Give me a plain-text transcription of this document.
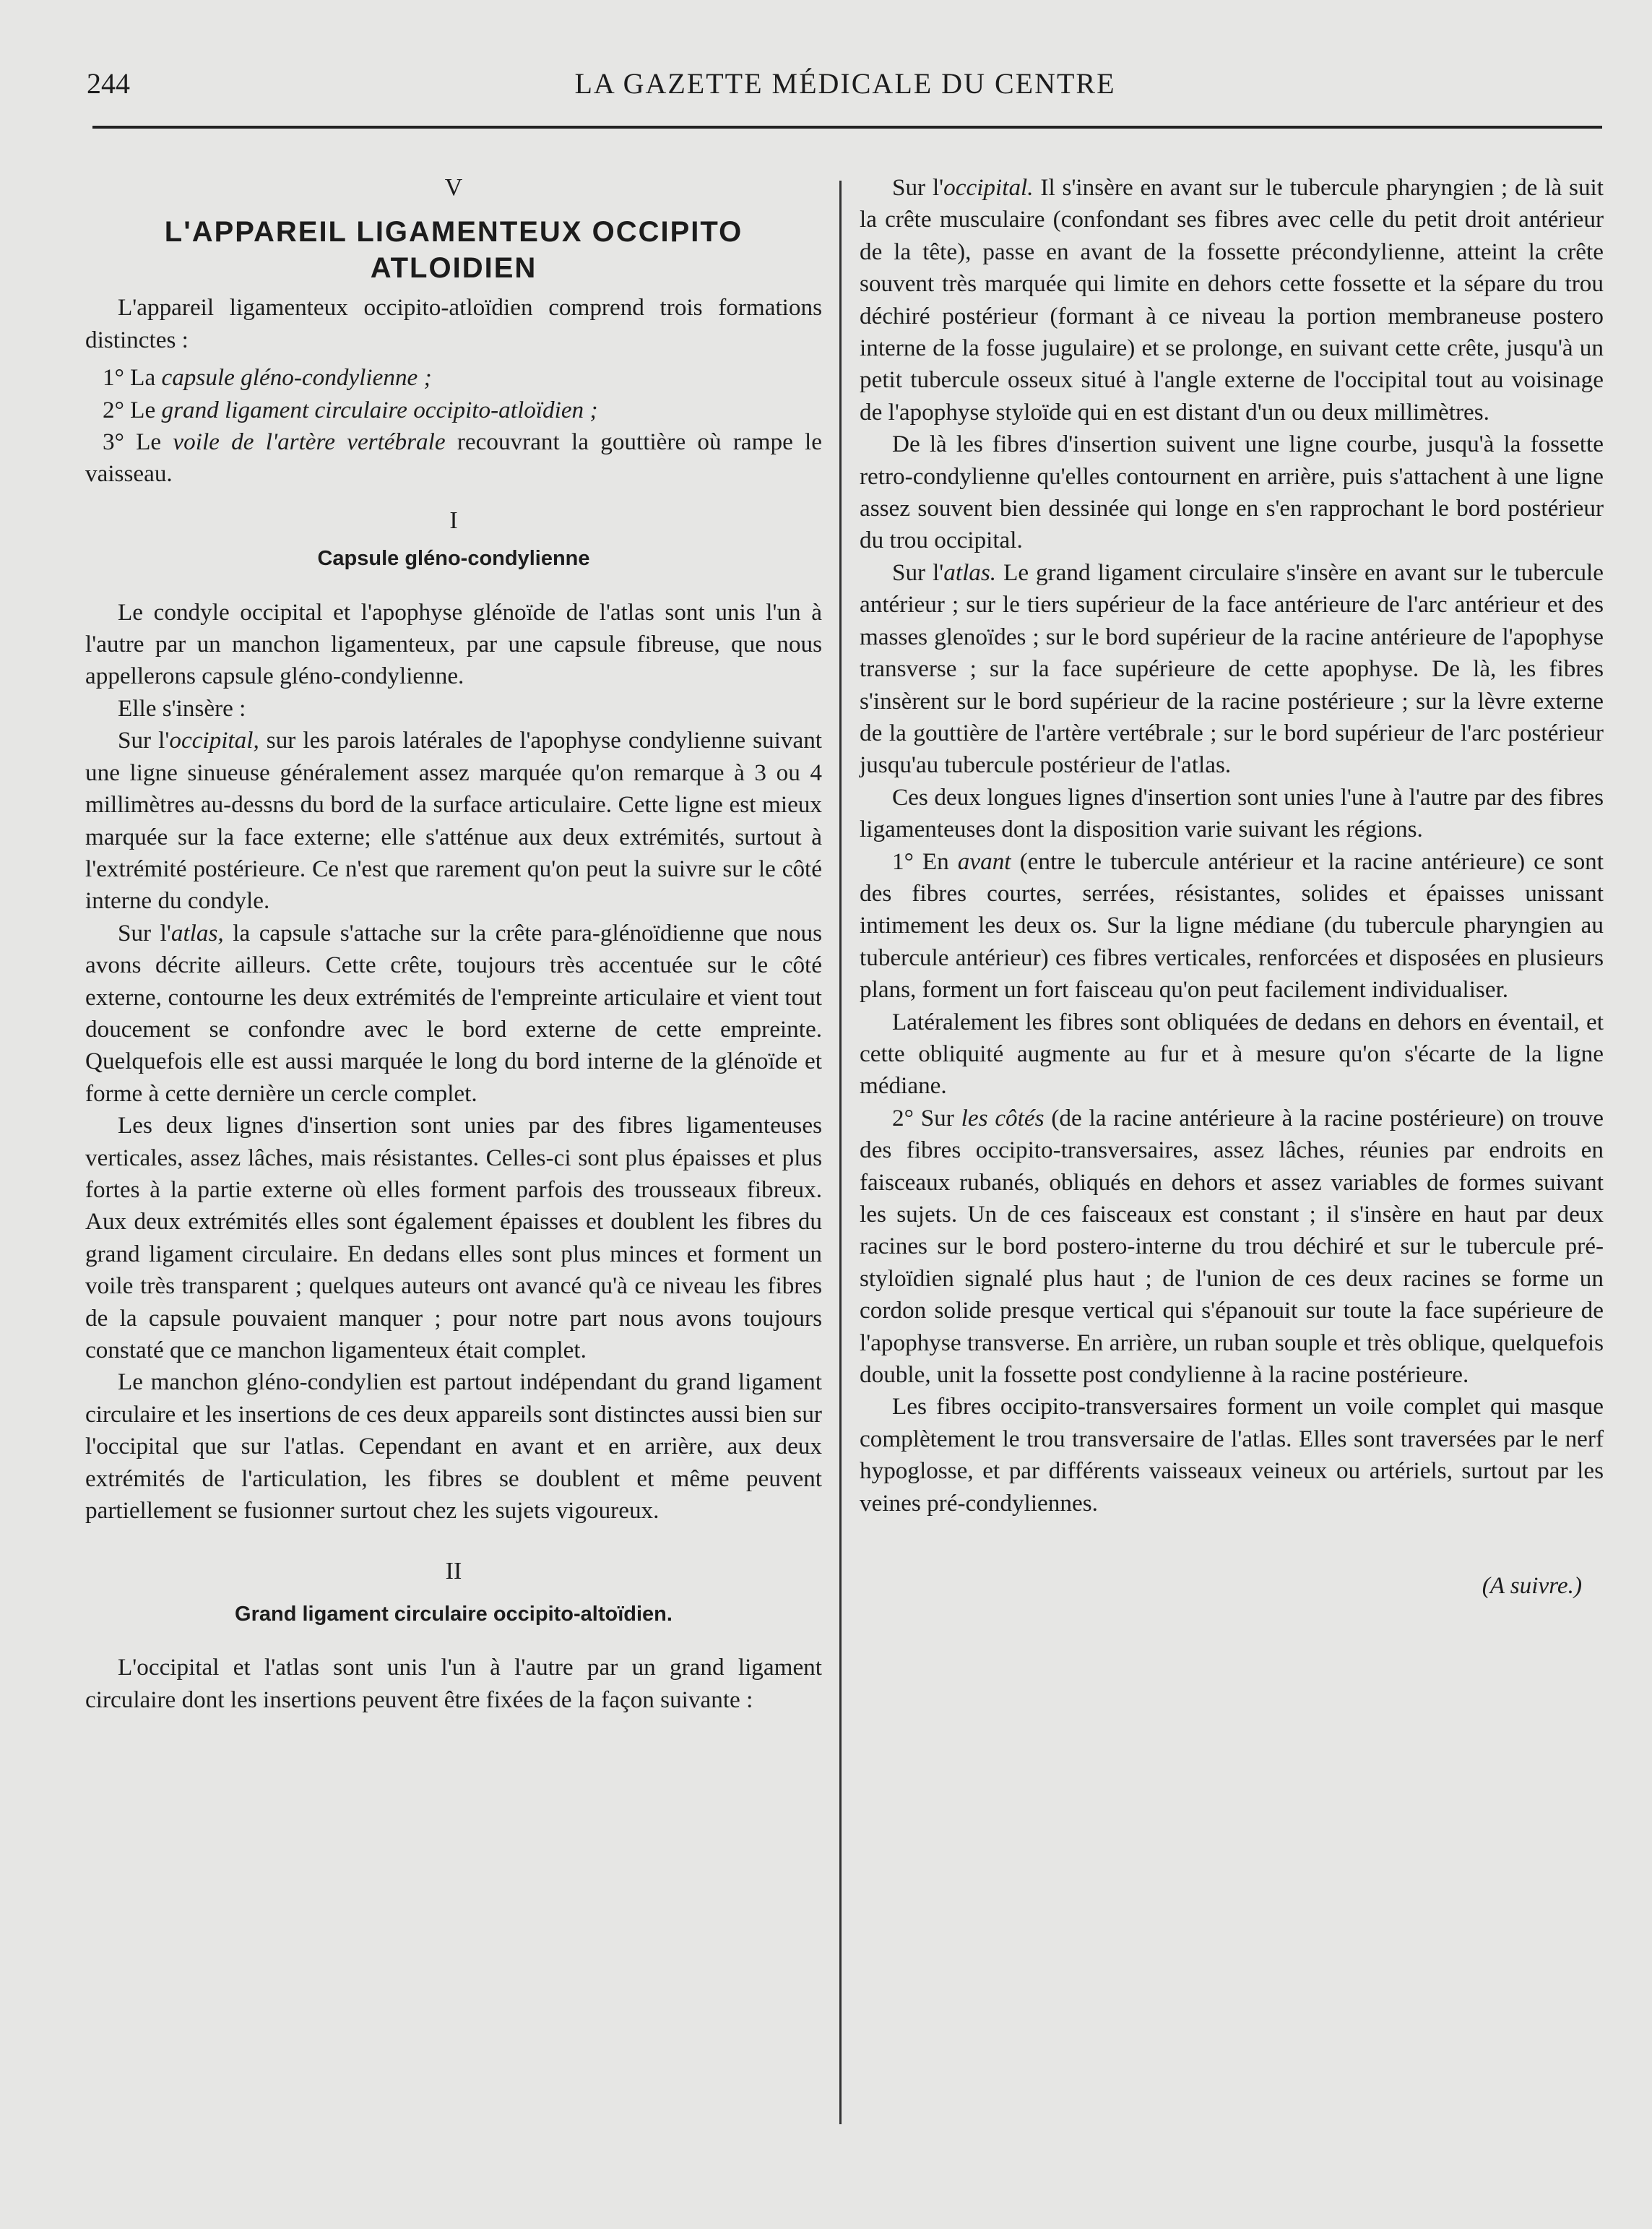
244	LA GAZETTE MÉDICALE DU CENTRE
V
L'APPAREIL LIGAMENTEUX OCCIPITO ATLOIDIEN

L'appareil ligamenteux occipito-atloïdien comprend trois formations distinctes :

1° La capsule gléno-condylienne ;

2° Le grand ligament circulaire occipito-atloïdien ;

3° Le voile de l'artère vertébrale recouvrant la gouttière où rampe le vaisseau.

I
Capsule gléno-condylienne

Le condyle occipital et l'apophyse glénoïde de l'atlas sont unis l'un à l'autre par un manchon ligamenteux, par une capsule fibreuse, que nous appellerons capsule gléno-condylienne.

Elle s'insère :

Sur l'occipital, sur les parois latérales de l'apophyse condylienne suivant une ligne sinueuse généralement assez marquée qu'on remarque à 3 ou 4 millimètres au-dessns du bord de la surface articulaire. Cette ligne est mieux marquée sur la face externe; elle s'atténue aux deux extrémités, surtout à l'extrémité postérieure. Ce n'est que rarement qu'on peut la suivre sur le côté interne du condyle.

Sur l'atlas, la capsule s'attache sur la crête para-glénoïdienne que nous avons décrite ailleurs. Cette crête, toujours très accentuée sur le côté externe, contourne les deux extrémités de l'empreinte articulaire et vient tout doucement se confondre avec le bord externe de cette empreinte. Quelquefois elle est aussi marquée le long du bord interne de la glénoïde et forme à cette dernière un cercle complet.

Les deux lignes d'insertion sont unies par des fibres ligamenteuses verticales, assez lâches, mais résistantes. Celles-ci sont plus épaisses et plus fortes à la partie externe où elles forment parfois des trousseaux fibreux. Aux deux extrémités elles sont également épaisses et doublent les fibres du grand ligament circulaire. En dedans elles sont plus minces et forment un voile très transparent ; quelques auteurs ont avancé qu'à ce niveau les fibres de la capsule pouvaient manquer ; pour notre part nous avons toujours constaté que ce manchon ligamenteux était complet.

Le manchon gléno-condylien est partout indépendant du grand ligament circulaire et les insertions de ces deux appareils sont distinctes aussi bien sur l'occipital que sur l'atlas. Cependant en avant et en arrière, aux deux extrémités de l'articulation, les fibres se doublent et même peuvent partiellement se fusionner surtout chez les sujets vigoureux.

II
Grand ligament circulaire occipito-altoïdien.

L'occipital et l'atlas sont unis l'un à l'autre par un grand ligament circulaire dont les insertions peuvent être fixées de la façon suivante :

Sur l'occipital. Il s'insère en avant sur le tubercule pharyngien ; de là suit la crête musculaire (confondant ses fibres avec celle du petit droit antérieur de la tête), passe en avant de la fossette précondylienne, atteint la crête souvent très marquée qui limite en dehors cette fossette et la sépare du trou déchiré postérieur (formant à ce niveau la portion membraneuse postero interne de la fosse jugulaire) et se prolonge, en suivant cette crête, jusqu'à un petit tubercule osseux situé à l'angle externe de l'occipital tout au voisinage de l'apophyse styloïde qui en est distant d'un ou deux millimètres.

De là les fibres d'insertion suivent une ligne courbe, jusqu'à la fossette retro-condylienne qu'elles contournent en arrière, puis s'attachent à une ligne assez souvent bien dessinée qui longe en s'en rapprochant le bord postérieur du trou occipital.

Sur l'atlas. Le grand ligament circulaire s'insère en avant sur le tubercule antérieur ; sur le tiers supérieur de la face antérieure de l'arc antérieur et des masses glenoïdes ; sur le bord supérieur de la racine antérieure de l'apophyse transverse ; sur la face supérieure de cette apophyse. De là, les fibres s'insèrent sur le bord supérieur de la racine postérieure ; sur la lèvre externe de la gouttière de l'artère vertébrale ; sur le bord supérieur de l'arc postérieur jusqu'au tubercule postérieur de l'atlas.

Ces deux longues lignes d'insertion sont unies l'une à l'autre par des fibres ligamenteuses dont la disposition varie suivant les régions.

1° En avant (entre le tubercule antérieur et la racine antérieure) ce sont des fibres courtes, serrées, résistantes, solides et épaisses unissant intimement les deux os. Sur la ligne médiane (du tubercule pharyngien au tubercule antérieur) ces fibres verticales, renforcées et disposées en plusieurs plans, forment un fort faisceau qu'on peut facilement individualiser.

Latéralement les fibres sont obliquées de dedans en dehors en éventail, et cette obliquité augmente au fur et à mesure qu'on s'écarte de la ligne médiane.

2° Sur les côtés (de la racine antérieure à la racine postérieure) on trouve des fibres occipito-transversaires, assez lâches, réunies par endroits en faisceaux rubanés, obliqués en dehors et assez variables de formes suivant les sujets. Un de ces faisceaux est constant ; il s'insère en haut par deux racines sur le bord postero-interne du trou déchiré et sur le tubercule pré-styloïdien signalé plus haut ; de l'union de ces deux racines se forme un cordon solide presque vertical qui s'épanouit sur toute la face supérieure de l'apophyse transverse. En arrière, un ruban souple et très oblique, quelquefois double, unit la fossette post condylienne à la racine postérieure.

Les fibres occipito-transversaires forment un voile complet qui masque complètement le trou transversaire de l'atlas. Elles sont traversées par le nerf hypoglosse, et par différents vaisseaux veineux ou artériels, surtout par les veines pré-condyliennes.

(A suivre.)
